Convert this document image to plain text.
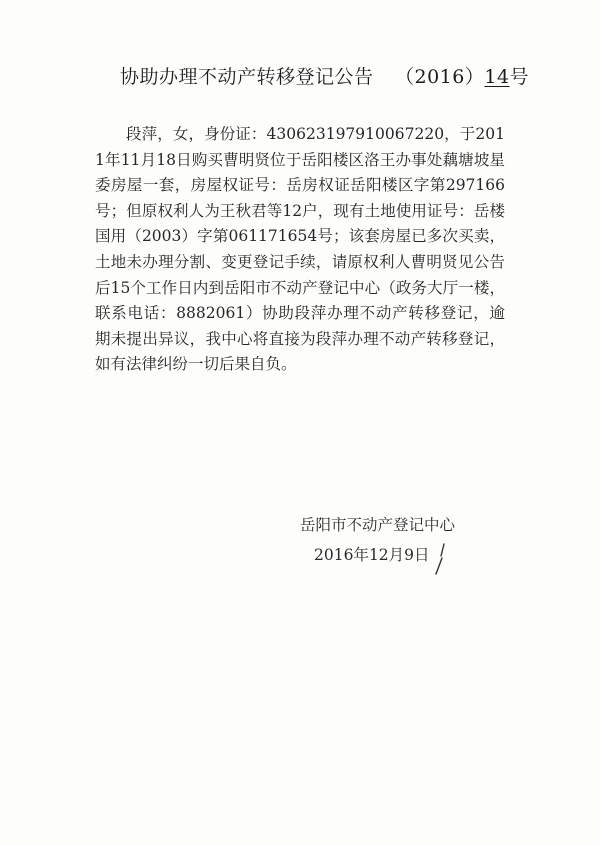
协助办理不动产转移登记公告 （2016）14号
段萍，女，身份证：430623197910067220，于2011年11月18日购买曹明贤位于岳阳楼区洛王办事处藕塘坡星委房屋一套，房屋权证号：岳房权证岳阳楼区字第297166号；但原权利人为王秋君等12户，现有土地使用证号：岳楼国用（2003）字第061171654号；该套房屋已多次买卖，土地未办理分割、变更登记手续，请原权利人曹明贤见公告后15个工作日内到岳阳市不动产登记中心（政务大厅一楼，联系电话：8882061）协助段萍办理不动产转移登记，逾期未提出异议，我中心将直接为段萍办理不动产转移登记，如有法律纠纷一切后果自负。
岳阳市不动产登记中心
2016年12月9日
